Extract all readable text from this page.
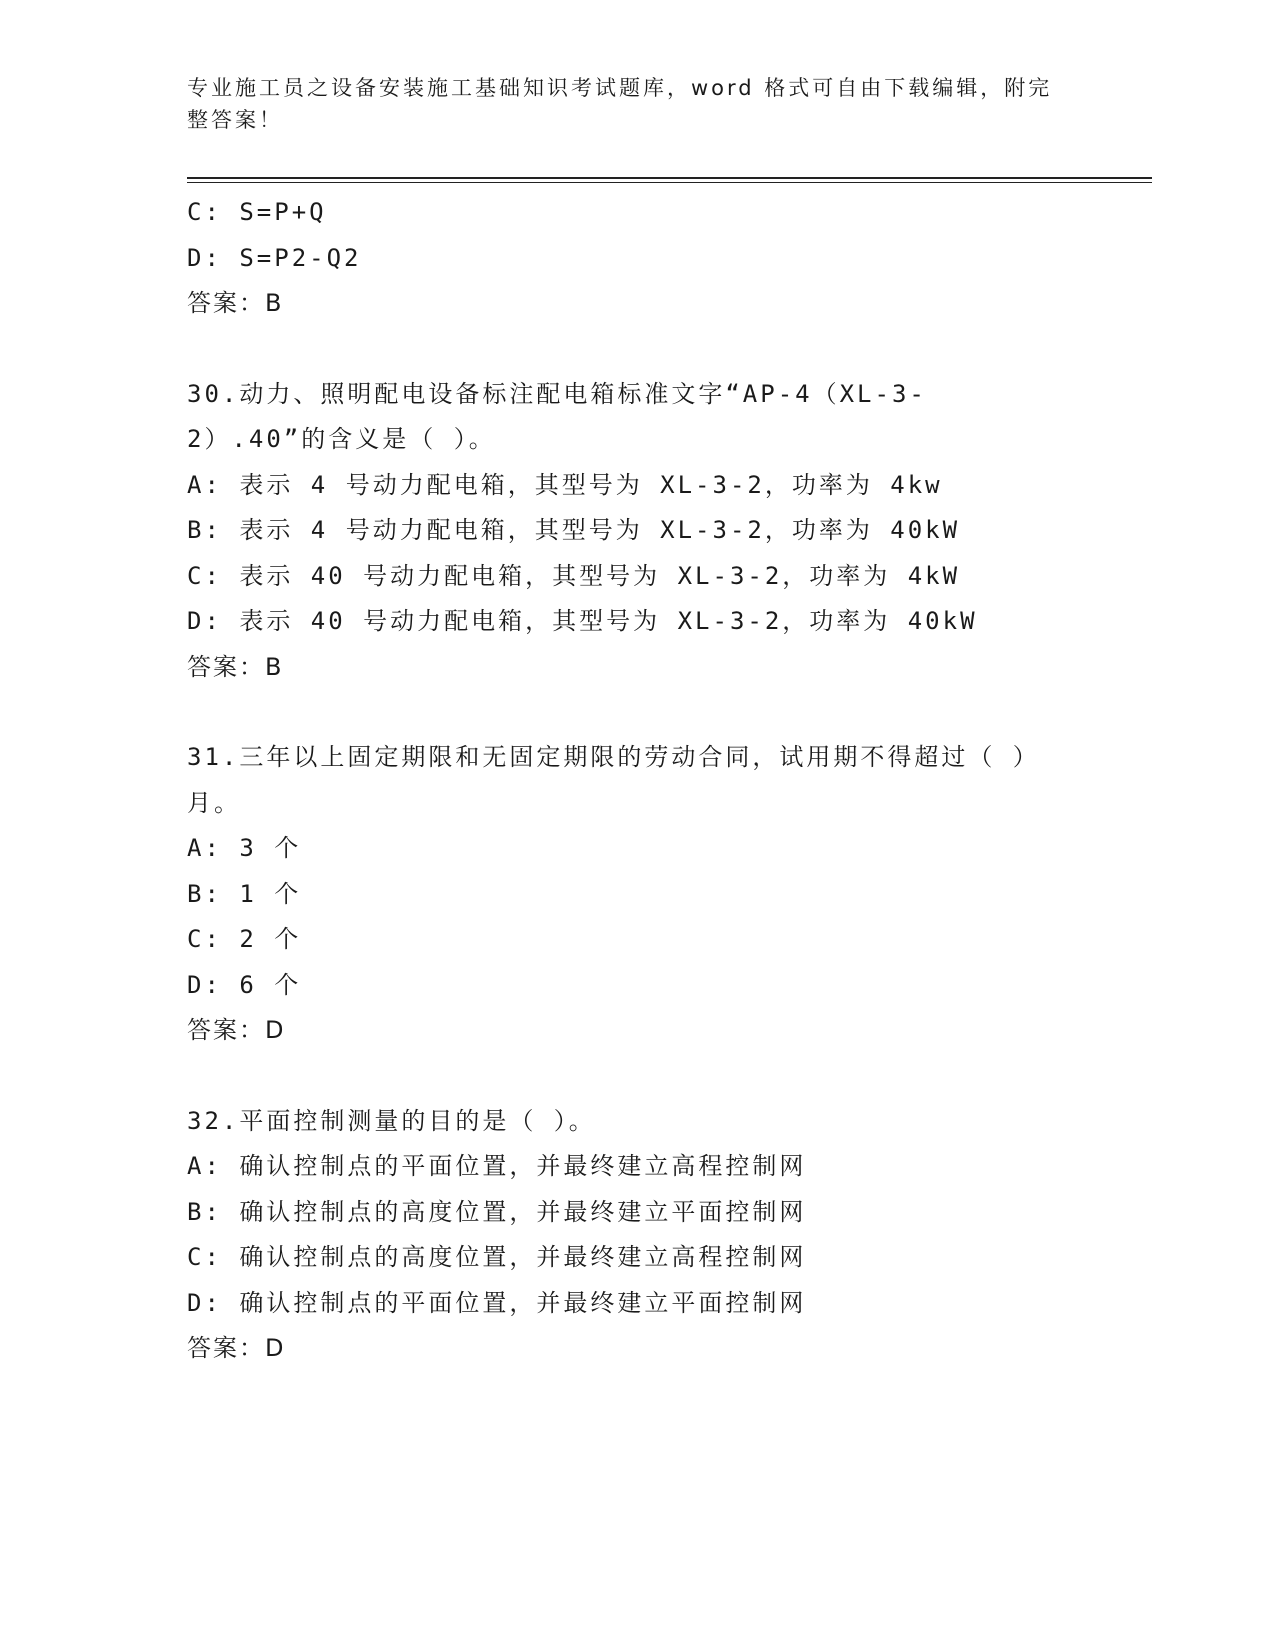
专业施工员之设备安装施工基础知识考试题库，word 格式可自由下载编辑，附完整答案！
C: S=P+Q
D: S=P2-Q2
答案：B
30.动力、照明配电设备标注配电箱标准文字“AP-4（XL-3-2）.40”的含义是（ ）。
A: 表示 4 号动力配电箱，其型号为 XL-3-2，功率为 4kw
B: 表示 4 号动力配电箱，其型号为 XL-3-2，功率为 40kW
C: 表示 40 号动力配电箱，其型号为 XL-3-2，功率为 4kW
D: 表示 40 号动力配电箱，其型号为 XL-3-2，功率为 40kW
答案：B
31.三年以上固定期限和无固定期限的劳动合同，试用期不得超过（ ）月。
A: 3 个
B: 1 个
C: 2 个
D: 6 个
答案：D
32.平面控制测量的目的是（ ）。
A: 确认控制点的平面位置，并最终建立高程控制网
B: 确认控制点的高度位置，并最终建立平面控制网
C: 确认控制点的高度位置，并最终建立高程控制网
D: 确认控制点的平面位置，并最终建立平面控制网
答案：D
